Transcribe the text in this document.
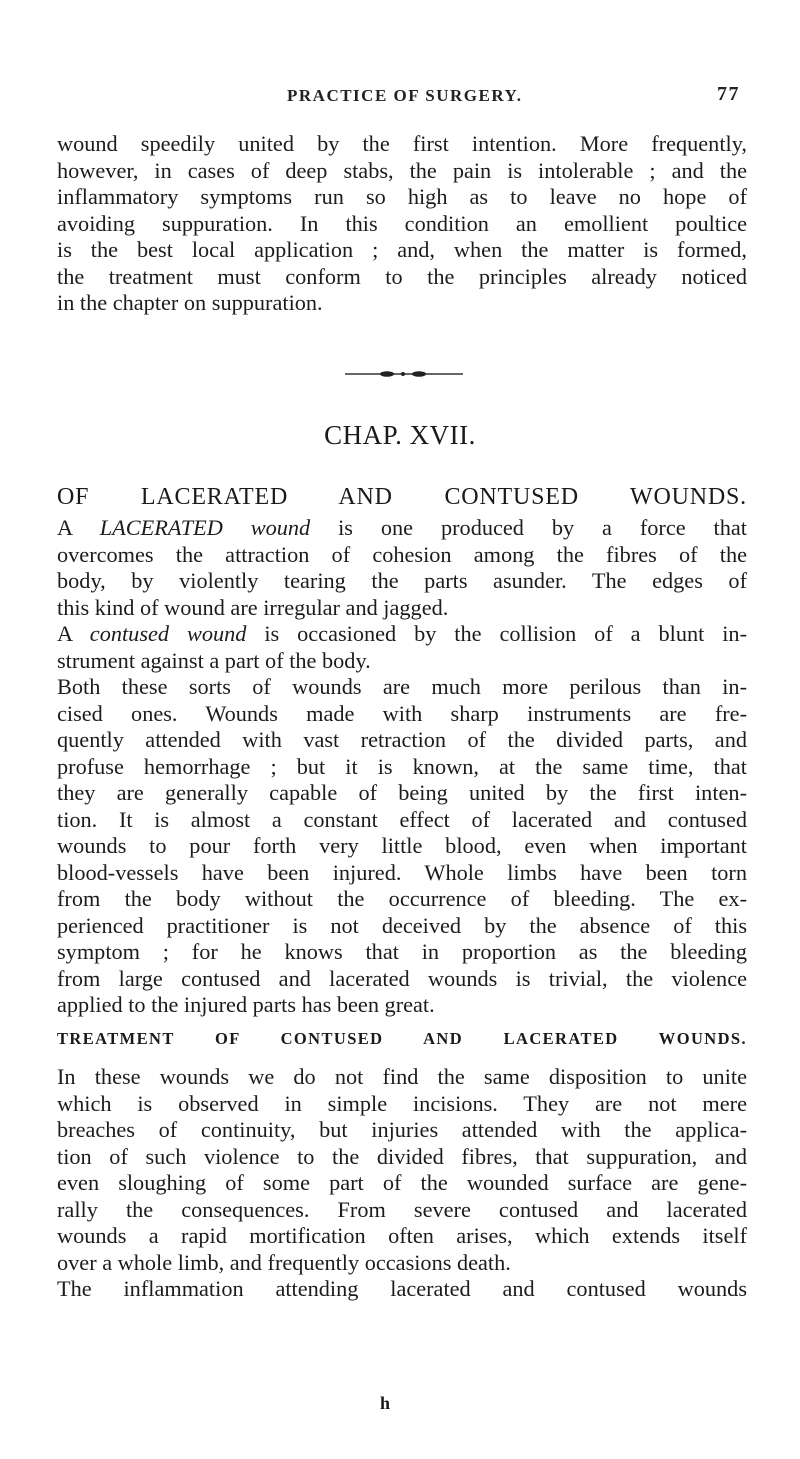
PRACTICE OF SURGERY.	77
wound speedily united by the first intention. More frequently,
however, in cases of deep stabs, the pain is intolerable ; and the
inflammatory symptoms run so high as to leave no hope of
avoiding suppuration. In this condition an emollient poultice
is the best local application ; and, when the matter is formed,
the treatment must conform to the principles already noticed
in the chapter on suppuration.
CHAP. XVII.
OF LACERATED AND CONTUSED WOUNDS.
A LACERATED wound is one produced by a force that
overcomes the attraction of cohesion among the fibres of the
body, by violently tearing the parts asunder. The edges of
this kind of wound are irregular and jagged.
A contused wound is occasioned by the collision of a blunt in-
strument against a part of the body.
Both these sorts of wounds are much more perilous than in-
cised ones. Wounds made with sharp instruments are fre-
quently attended with vast retraction of the divided parts, and
profuse hemorrhage ; but it is known, at the same time, that
they are generally capable of being united by the first inten-
tion. It is almost a constant effect of lacerated and contused
wounds to pour forth very little blood, even when important
blood-vessels have been injured. Whole limbs have been torn
from the body without the occurrence of bleeding. The ex-
perienced practitioner is not deceived by the absence of this
symptom ; for he knows that in proportion as the bleeding
from large contused and lacerated wounds is trivial, the violence
applied to the injured parts has been great.
TREATMENT OF CONTUSED AND LACERATED WOUNDS.
In these wounds we do not find the same disposition to unite
which is observed in simple incisions. They are not mere
breaches of continuity, but injuries attended with the applica-
tion of such violence to the divided fibres, that suppuration, and
even sloughing of some part of the wounded surface are gene-
rally the consequences. From severe contused and lacerated
wounds a rapid mortification often arises, which extends itself
over a whole limb, and frequently occasions death.
The inflammation attending lacerated and contused wounds
h
